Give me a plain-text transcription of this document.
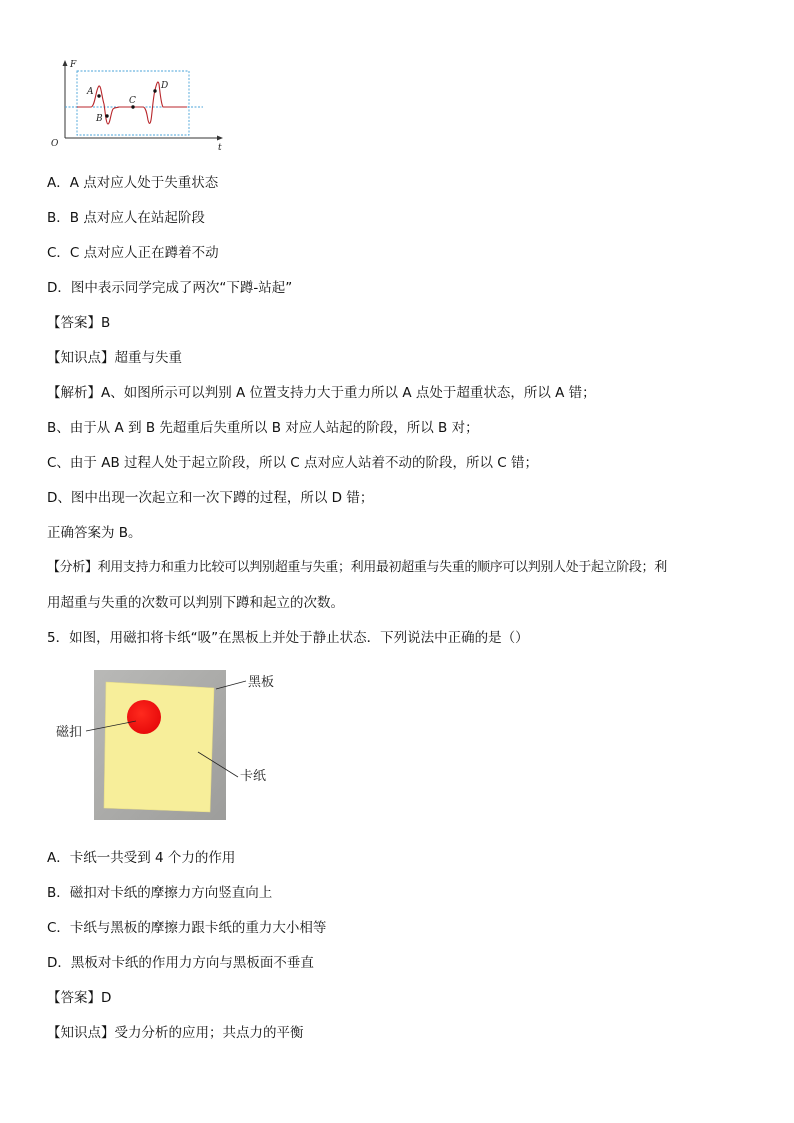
F
t
O
A
B
C
D
A．A 点对应人处于失重状态
B．B 点对应人在站起阶段
C．C 点对应人正在蹲着不动
D．图中表示同学完成了两次“下蹲-站起”
【答案】B
【知识点】超重与失重
【解析】A、如图所示可以判别 A 位置支持力大于重力所以 A 点处于超重状态，所以 A 错；
B、由于从 A 到 B 先超重后失重所以 B 对应人站起的阶段，所以 B 对；
C、由于 AB 过程人处于起立阶段，所以 C 点对应人站着不动的阶段，所以 C 错；
D、图中出现一次起立和一次下蹲的过程，所以 D 错；
正确答案为 B。
【分析】利用支持力和重力比较可以判别超重与失重；利用最初超重与失重的顺序可以判别人处于起立阶段；利
用超重与失重的次数可以判别下蹲和起立的次数。
5．如图，用磁扣将卡纸“吸”在黑板上并处于静止状态．下列说法中正确的是（）
黑板
磁扣
卡纸
A．卡纸一共受到 4 个力的作用
B．磁扣对卡纸的摩擦力方向竖直向上
C．卡纸与黑板的摩擦力跟卡纸的重力大小相等
D．黑板对卡纸的作用力方向与黑板面不垂直
【答案】D
【知识点】受力分析的应用；共点力的平衡
